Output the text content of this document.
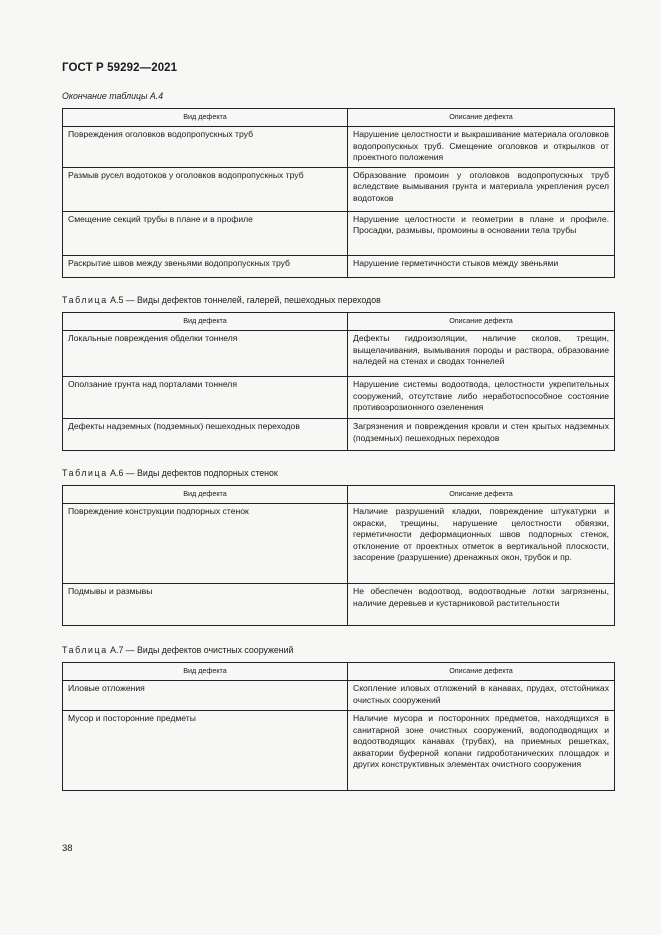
ГОСТ Р 59292—2021
Окончание таблицы А.4
Вид дефекта	Описание дефекта
Повреждения оголовков водопропускных труб	Нарушение целостности и выкрашивание материала оголовков водопропускных труб. Смещение оголовков и открылков от проектного положения
Размыв русел водотоков у оголовков водопропускных труб	Образование промоин у оголовков водопропускных труб вследствие вымывания грунта и материала укрепления русел водотоков
Смещение секций трубы в плане и в профиле	Нарушение целостности и геометрии в плане и профиле. Просадки, размывы, промоины в основании тела трубы
Раскрытие швов между звеньями водопропускных труб	Нарушение герметичности стыков между звеньями
Таблица А.5 — Виды дефектов тоннелей, галерей, пешеходных переходов
Вид дефекта	Описание дефекта
Локальные повреждения обделки тоннеля	Дефекты гидроизоляции, наличие сколов, трещин, выщелачивания, вымывания породы и раствора, образование наледей на стенах и сводах тоннелей
Оползание грунта над порталами тоннеля	Нарушение системы водоотвода, целостности укрепительных сооружений, отсутствие либо неработоспособное состояние противоэрозионного озеленения
Дефекты надземных (подземных) пешеходных переходов	Загрязнения и повреждения кровли и стен крытых надземных (подземных) пешеходных переходов
Таблица А.6 — Виды дефектов подпорных стенок
Вид дефекта	Описание дефекта
Повреждение конструкции подпорных стенок	Наличие разрушений кладки, повреждение штукатурки и окраски, трещины, нарушение целостности обвязки, герметичности деформационных швов подпорных стенок, отклонение от проектных отметок в вертикальной плоскости, засорение (разрушение) дренажных окон, трубок и пр.
Подмывы и размывы	Не обеспечен водоотвод, водоотводные лотки загрязнены, наличие деревьев и кустарниковой растительности
Таблица А.7 — Виды дефектов очистных сооружений
Вид дефекта	Описание дефекта
Иловые отложения	Скопление иловых отложений в канавах, прудах, отстойниках очистных сооружений
Мусор и посторонние предметы	Наличие мусора и посторонних предметов, находящихся в санитарной зоне очистных сооружений, водоподводящих и водоотводящих канавах (трубах), на приемных решетках, акватории буферной копани гидроботанических площадок и других конструктивных элементах очистного сооружения
38
